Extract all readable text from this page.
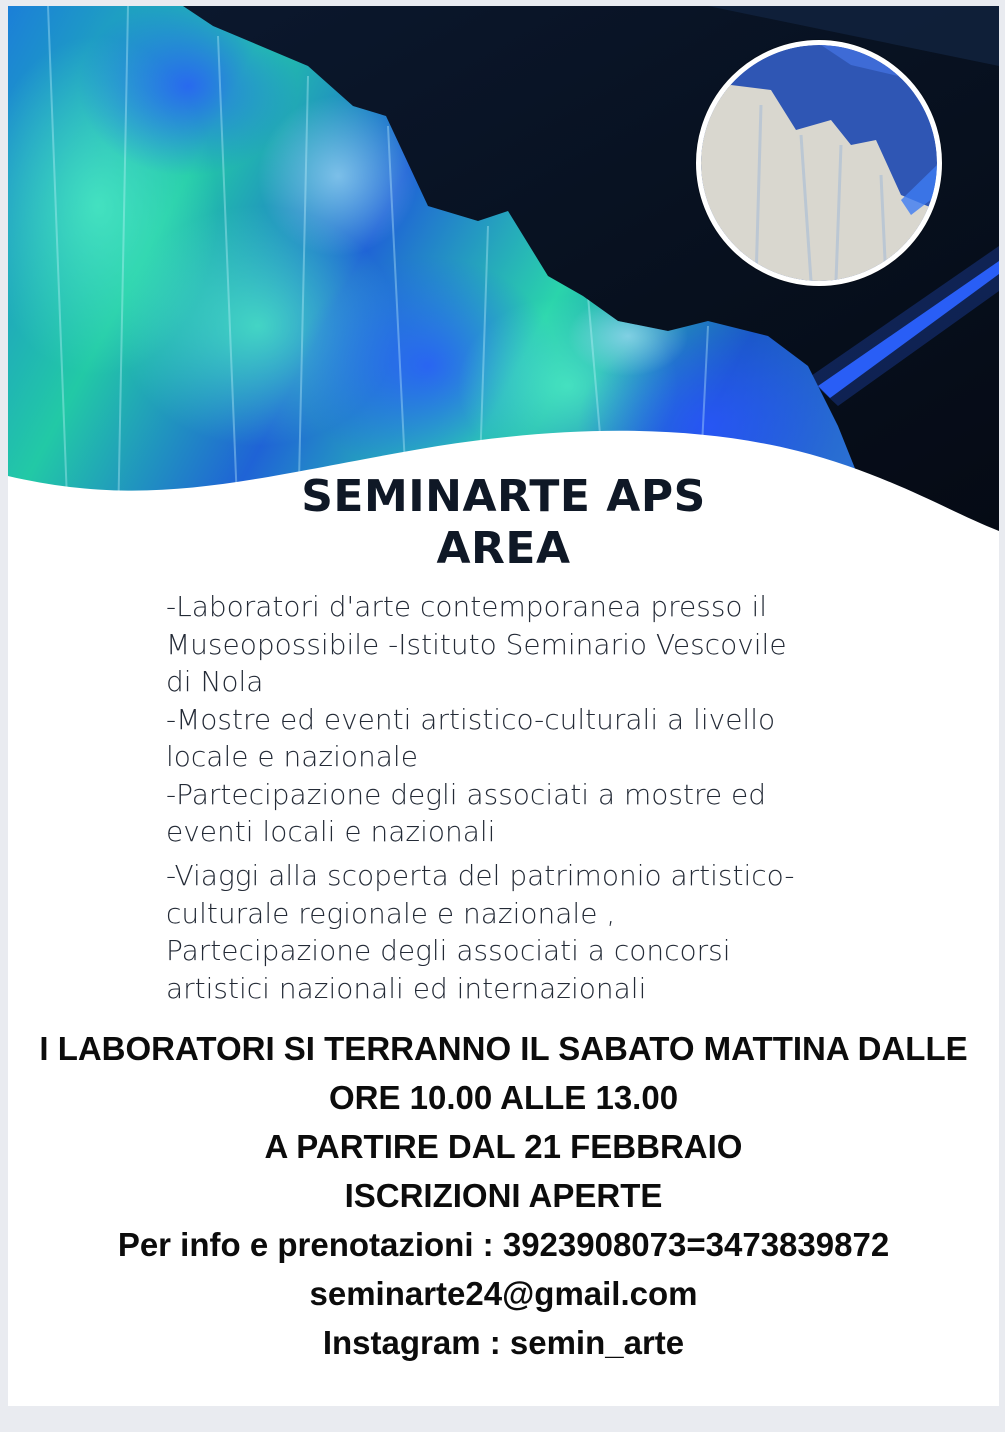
SEMINARTE APS
AREA
-Laboratori d'arte contemporanea presso il
Museopossibile -Istituto Seminario Vescovile
di Nola
-Mostre ed eventi artistico-culturali a livello
locale e nazionale
-Partecipazione degli associati a mostre ed
eventi locali e nazionali
-Viaggi alla scoperta del patrimonio artistico-
culturale regionale e nazionale ,
Partecipazione degli associati a concorsi
artistici nazionali ed internazionali
I LABORATORI SI TERRANNO IL SABATO MATTINA DALLE
ORE 10.00 ALLE 13.00
A PARTIRE DAL 21 FEBBRAIO
ISCRIZIONI APERTE
Per info e prenotazioni : 3923908073=3473839872
seminarte24@gmail.com
Instagram : semin_arte
